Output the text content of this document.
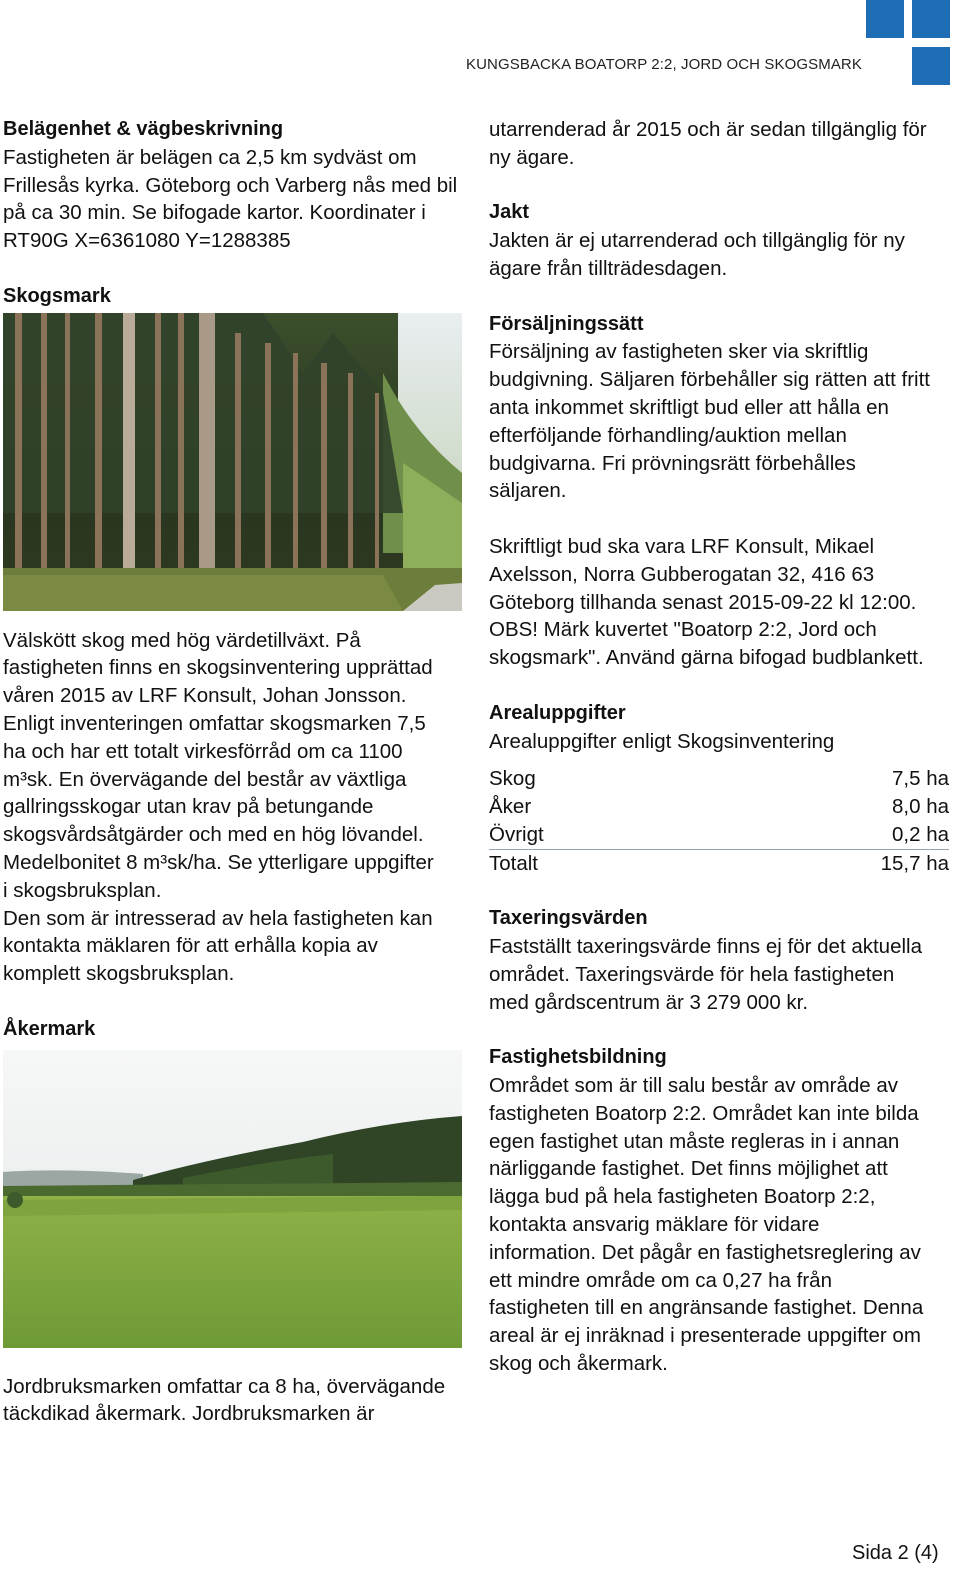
KUNGSBACKA BOATORP 2:2, JORD OCH SKOGSMARK
Belägenhet & vägbeskrivning

Fastigheten är belägen ca 2,5 km sydväst om

Frillesås kyrka. Göteborg och Varberg nås med bil

på ca 30 min. Se bifogade kartor. Koordinater i

RT90G X=6361080 Y=1288385

Skogsmark

Välskött skog med hög värdetillväxt. På

fastigheten finns en skogsinventering upprättad

våren 2015 av LRF Konsult, Johan Jonsson.

Enligt inventeringen omfattar skogsmarken 7,5

ha och har ett totalt virkesförråd om ca 1100

m³sk. En övervägande del består av växtliga

gallringsskogar utan krav på betungande

skogsvårdsåtgärder och med en hög lövandel.

Medelbonitet 8 m³sk/ha. Se ytterligare uppgifter

i skogsbruksplan.

Den som är intresserad av hela fastigheten kan

kontakta mäklaren för att erhålla kopia av

komplett skogsbruksplan.

Åkermark

Jordbruksmarken omfattar ca 8 ha, övervägande

täckdikad åkermark. Jordbruksmarken är

utarrenderad år 2015 och är sedan tillgänglig för

ny ägare.

Jakt

Jakten är ej utarrenderad och tillgänglig för ny

ägare från tillträdesdagen.

Försäljningssätt

Försäljning av fastigheten sker via skriftlig

budgivning. Säljaren förbehåller sig rätten att fritt

anta inkommet skriftligt bud eller att hålla en

efterföljande förhandling/auktion mellan

budgivarna. Fri prövningsrätt förbehålles

säljaren.

Skriftligt bud ska vara LRF Konsult, Mikael

Axelsson, Norra Gubberogatan 32, 416 63

Göteborg tillhanda senast 2015-09-22 kl 12:00.

OBS! Märk kuvertet "Boatorp 2:2, Jord och

skogsmark". Använd gärna bifogad budblankett.

Arealuppgifter

Arealuppgifter enligt Skogsinventering

Skog	7,5 ha
Åker	8,0 ha
Övrigt	0,2 ha
Totalt	15,7 ha
Taxeringsvärden

Fastställt taxeringsvärde finns ej för det aktuella

området. Taxeringsvärde för hela fastigheten

med gårdscentrum är 3 279 000 kr.

Fastighetsbildning

Området som är till salu består av område av

fastigheten Boatorp 2:2. Området kan inte bilda

egen fastighet utan måste regleras in i annan

närliggande fastighet. Det finns möjlighet att

lägga bud på hela fastigheten Boatorp 2:2,

kontakta ansvarig mäklare för vidare

information. Det pågår en fastighetsreglering av

ett mindre område om ca 0,27 ha från

fastigheten till en angränsande fastighet. Denna

areal är ej inräknad i presenterade uppgifter om

skog och åkermark.

Sida 2 (4)
